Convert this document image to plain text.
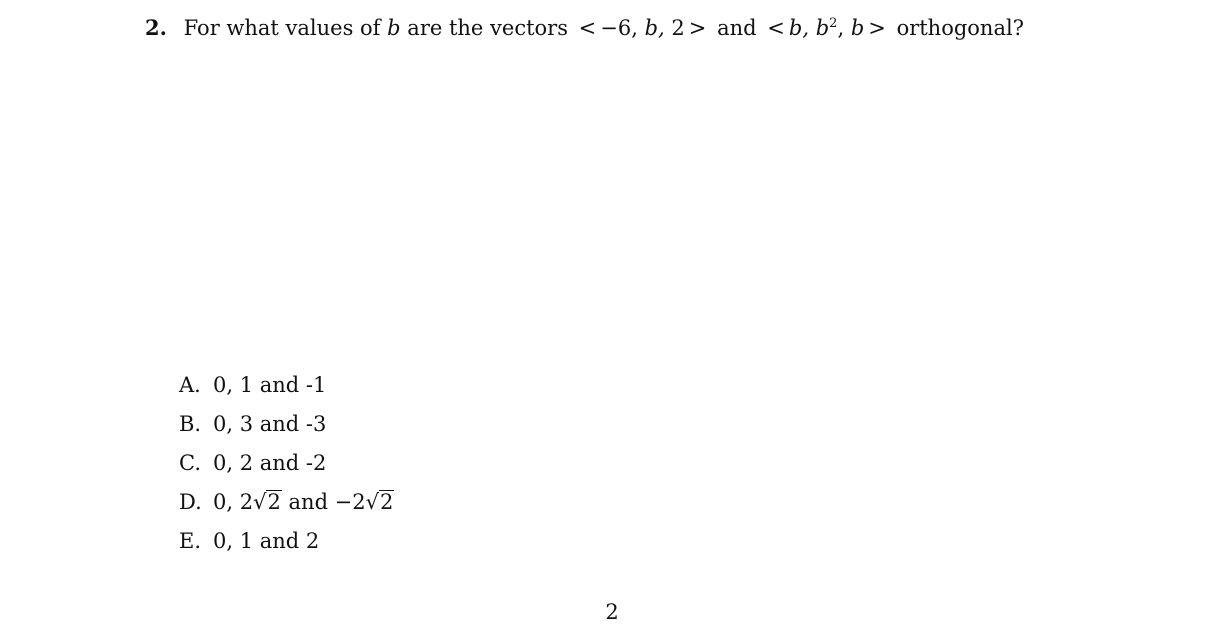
2. For what values of b are the vectors < −6, b, 2 > and < b, $b^2$, b > orthogonal?
A. 0, 1 and -1
B. 0, 3 and -3
C. 0, 2 and -2
D. 0, 2√2 and −2√2
E. 0, 1 and 2
2
